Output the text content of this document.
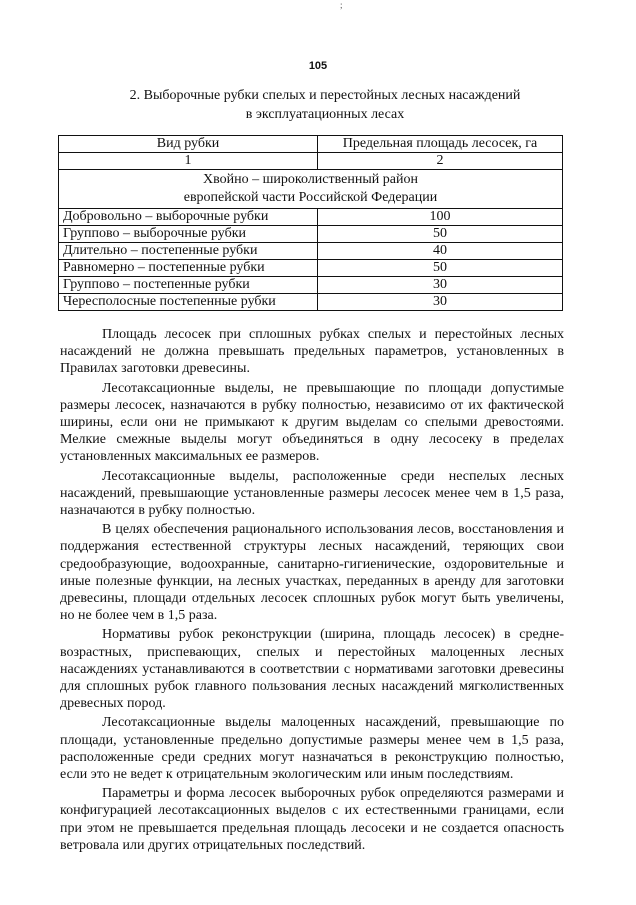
;
105
2. Выборочные рубки спелых и перестойных лесных насаждений
в эксплуатационных лесах
Вид рубки	Предельная площадь лесосек, га
1	2

Хвойно – широколиственный район
европейской части Российской Федерации	

Добровольно – выборочные рубки	100
Группово – выборочные рубки	50
Длительно – постепенные рубки	40
Равномерно – постепенные рубки	50
Группово – постепенные рубки	30
Чересполосные постепенные рубки	30

Площадь лесосек при сплошных рубках спелых и перестойных лесных насаждений не должна превышать предельных параметров, установленных в Правилах заготовки древесины.

Лесотаксационные выделы, не превышающие по площади допустимые размеры лесосек, назначаются в рубку полностью, независимо от их фактической ширины, если они не примыкают к другим выделам со спелыми древостоями. Мелкие смежные выделы могут объединяться в одну лесосеку в пределах установленных максимальных ее размеров.

Лесотаксационные выделы, расположенные среди неспелых лесных насаждений, превышающие установленные размеры лесосек менее чем в 1,5 раза, назначаются в рубку полностью.

В целях обеспечения рационального использования лесов, восстановления и поддержания естественной структуры лесных насаждений, теряющих свои средообразующие, водоохранные, санитарно-гигиенические, оздоровительные и иные полезные функции, на лесных участках, переданных в аренду для заготовки древесины, площади отдельных лесосек сплошных рубок могут быть увеличены, но не более чем в 1,5 раза.

Нормативы рубок реконструкции (ширина, площадь лесосек) в средне-возрастных, приспевающих, спелых и перестойных малоценных лесных насаждениях устанавливаются в соответствии с нормативами заготовки древесины для сплошных рубок главного пользования лесных насаждений мягколиственных древесных пород.

Лесотаксационные выделы малоценных насаждений, превышающие по площади, установленные предельно допустимые размеры менее чем в 1,5 раза, расположенные среди средних могут назначаться в реконструкцию полностью, если это не ведет к отрицательным экологическим или иным последствиям.

Параметры и форма лесосек выборочных рубок определяются размерами и конфигурацией лесотаксационных выделов с их естественными границами, если при этом не превышается предельная площадь лесосеки и не создается опасность ветровала или других отрицательных последствий.
